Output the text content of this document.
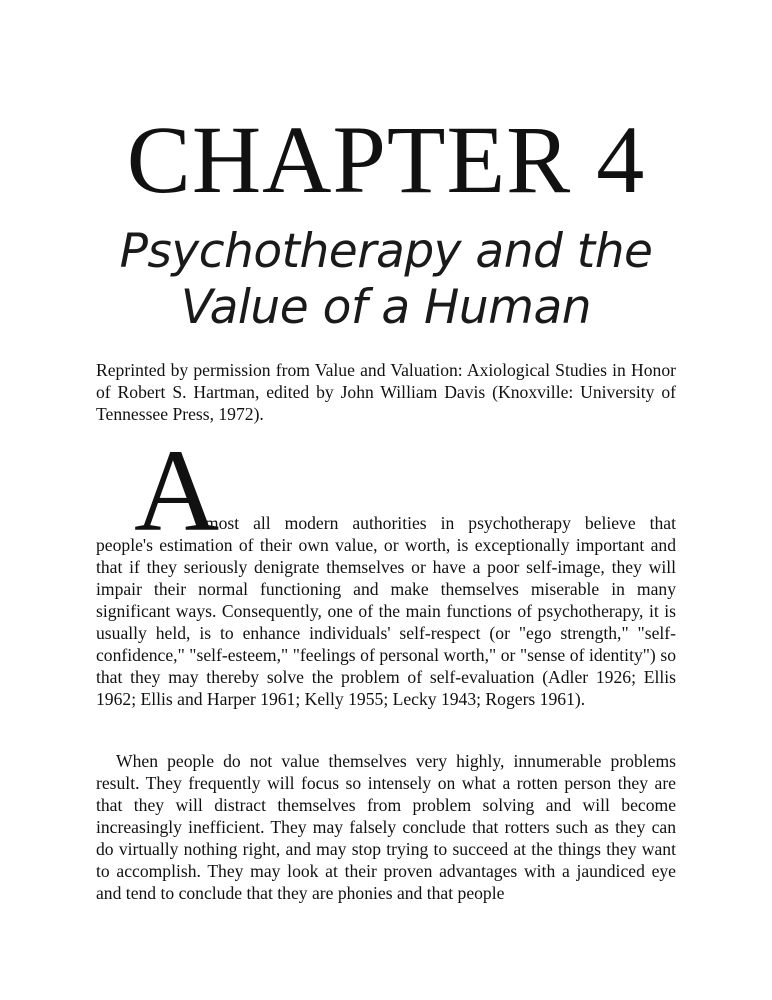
CHAPTER 4
Psychotherapy and the
Value of a Human

Reprinted by permission from Value and Valuation: Axiological Studies in Honor of Robert S. Hartman, edited by John William Davis (Knoxville: University of Tennessee Press, 1972).

A

lmost all modern authorities in psychotherapy believe that
people's estimation of their own value, or worth, is exceptionally important and that if they seriously denigrate themselves or have a poor self-image, they will impair their normal functioning and make themselves miserable in many significant ways. Consequently, one of the main functions of psychotherapy, it is usually held, is to enhance individuals' self-respect (or "ego strength," "self-confidence," "self-esteem," "feelings of personal worth," or "sense of identity") so that they may thereby solve the problem of self-evaluation (Adler 1926; Ellis 1962; Ellis and Harper 1961; Kelly 1955; Lecky 1943; Rogers 1961).

When people do not value themselves very highly, innumerable problems result. They frequently will focus so intensely on what a rotten person they are that they will distract themselves from problem solving and will become increasingly inefficient. They may falsely conclude that rotters such as they can do virtually nothing right, and may stop trying to succeed at the things they want to accomplish. They may look at their proven advantages with a jaundiced eye and tend to conclude that they are phonies and that people
